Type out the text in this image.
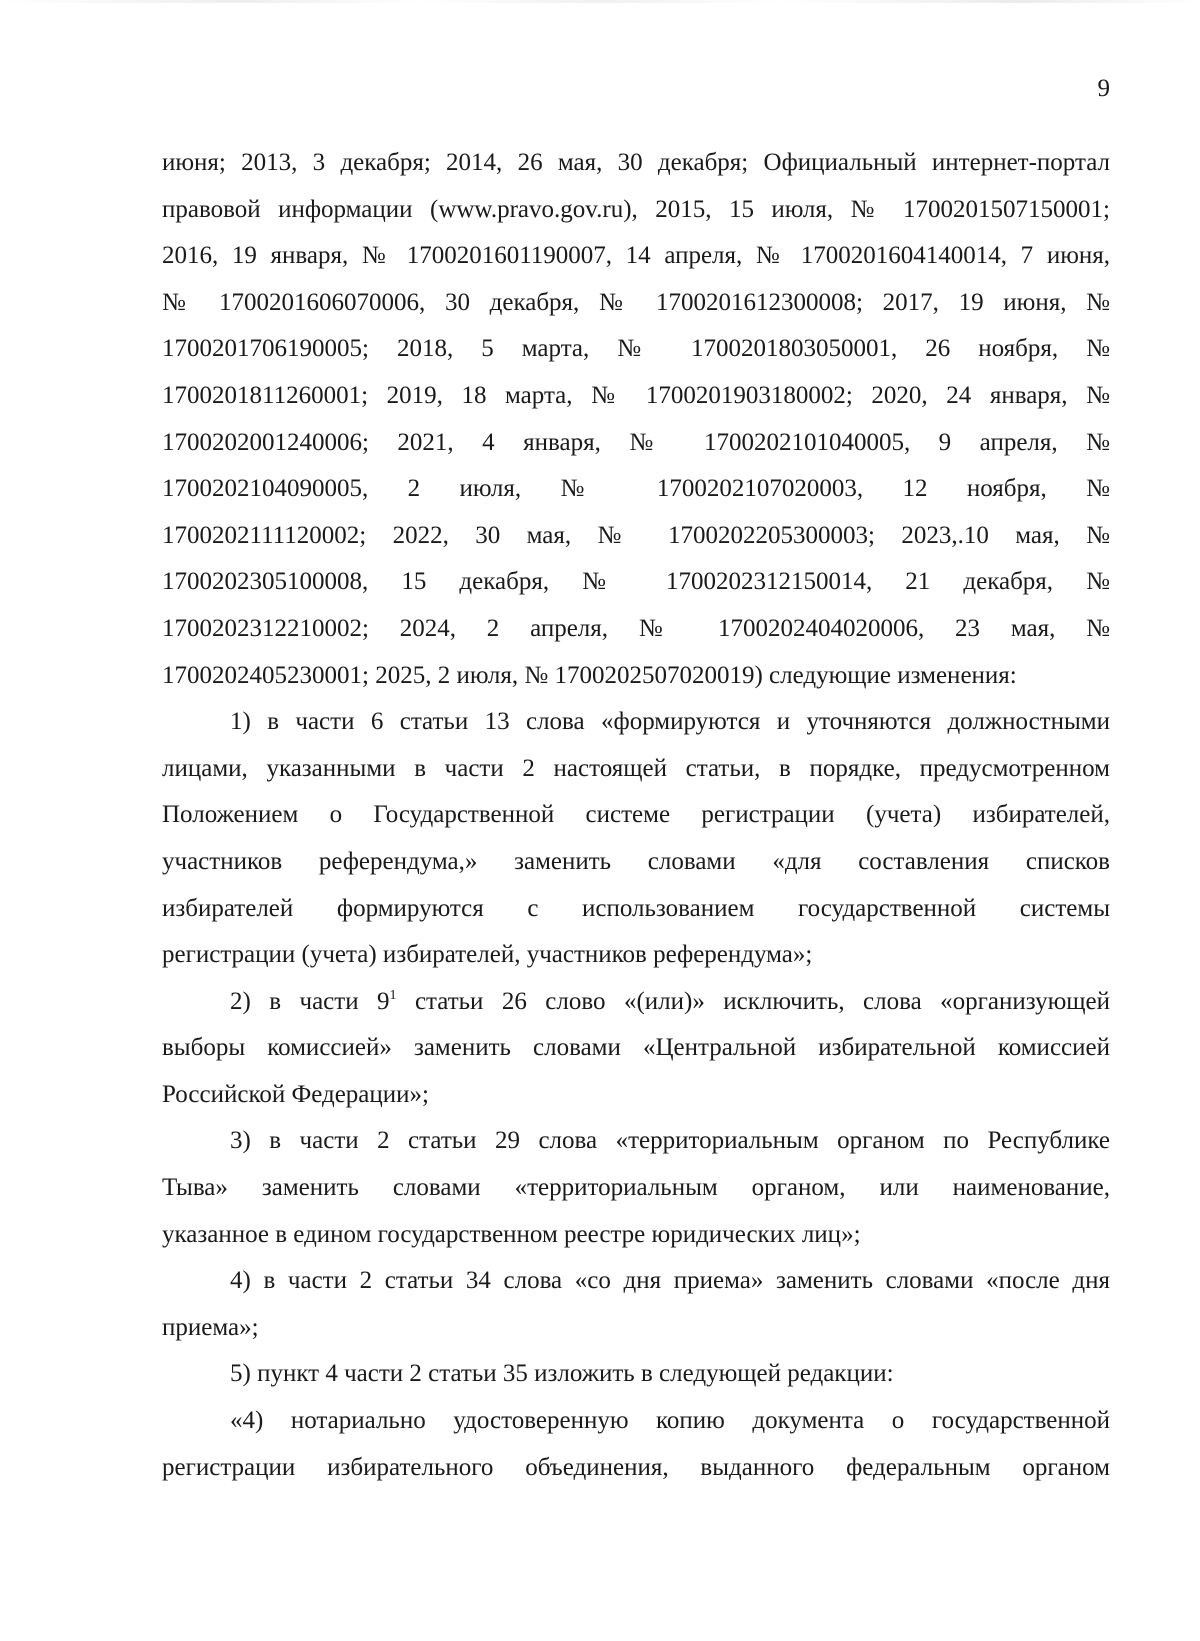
9

июня; 2013, 3 декабря; 2014, 26 мая, 30 декабря; Официальный интернет-портал
правовой информации (www.pravo.gov.ru), 2015, 15 июля, № 1700201507150001;
2016, 19 января, № 1700201601190007, 14 апреля, № 1700201604140014, 7 июня,
№ 1700201606070006, 30 декабря, № 1700201612300008; 2017, 19 июня, №
1700201706190005; 2018, 5 марта, № 1700201803050001, 26 ноября, №
1700201811260001; 2019, 18 марта, № 1700201903180002; 2020, 24 января, №
1700202001240006; 2021, 4 января, № 1700202101040005, 9 апреля, №
1700202104090005, 2 июля, № 1700202107020003, 12 ноября, №
1700202111120002; 2022, 30 мая, № 1700202205300003; 2023,.10 мая, №
1700202305100008, 15 декабря, № 1700202312150014, 21 декабря, №
1700202312210002; 2024, 2 апреля, № 1700202404020006, 23 мая, №
1700202405230001; 2025, 2 июля, № 1700202507020019) следующие изменения:

1) в части 6 статьи 13 слова «формируются и уточняются должностными
лицами, указанными в части 2 настоящей статьи, в порядке, предусмотренном
Положением о Государственной системе регистрации (учета) избирателей,
участников референдума,» заменить словами «для составления списков
избирателей формируются с использованием государственной системы
регистрации (учета) избирателей, участников референдума»;

2) в части $9^1$ статьи 26 слово «(или)» исключить, слова «организующей
выборы комиссией» заменить словами «Центральной избирательной комиссией
Российской Федерации»;

3) в части 2 статьи 29 слова «территориальным органом по Республике
Тыва» заменить словами «территориальным органом, или наименование,
указанное в едином государственном реестре юридических лиц»;

4) в части 2 статьи 34 слова «со дня приема» заменить словами «после дня
приема»;

5) пункт 4 части 2 статьи 35 изложить в следующей редакции:

«4) нотариально удостоверенную копию документа о государственной
регистрации избирательного объединения, выданного федеральным органом
